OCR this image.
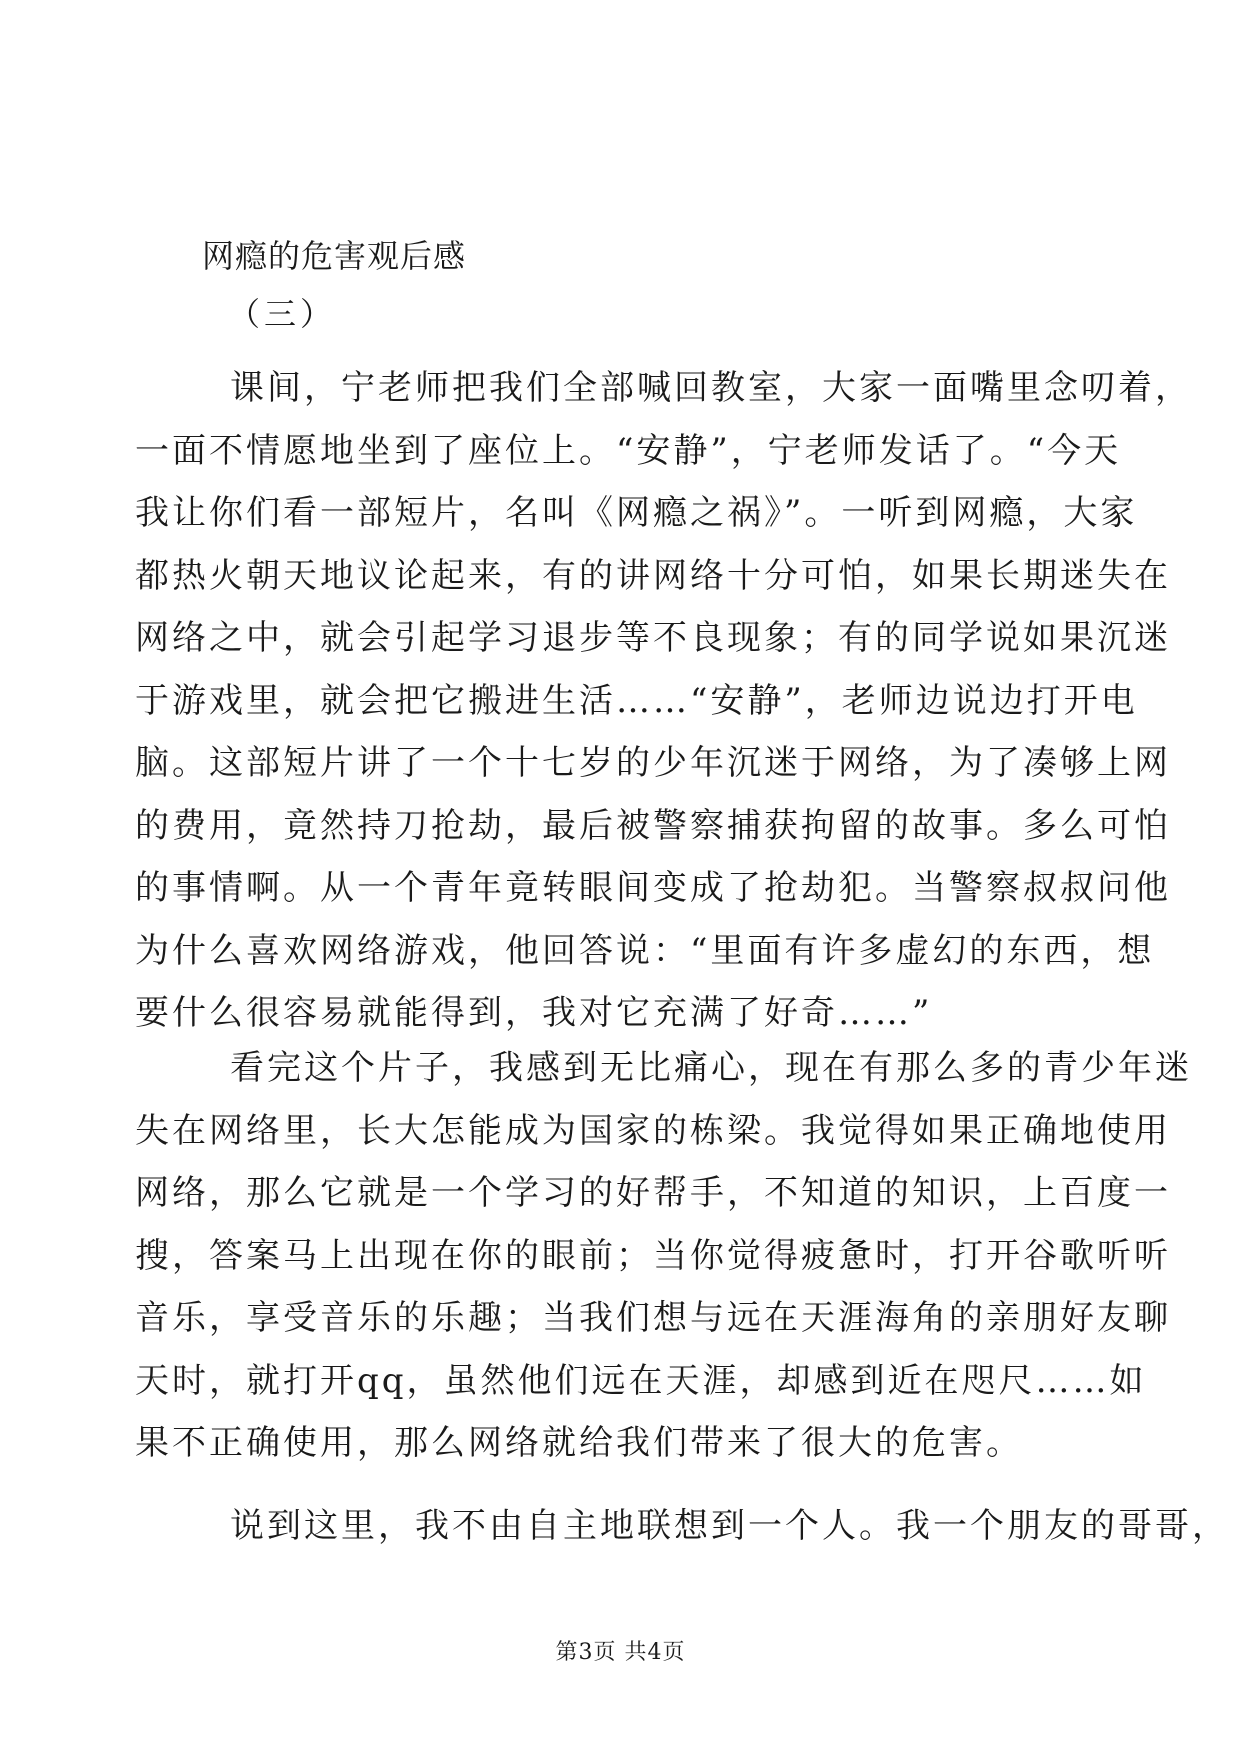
网瘾的危害观后感
（三）
课间，宁老师把我们全部喊回教室，大家一面嘴里念叨着，
一面不情愿地坐到了座位上。“安静”，宁老师发话了。“今天
我让你们看一部短片，名叫《网瘾之祸》”。一听到网瘾，大家
都热火朝天地议论起来，有的讲网络十分可怕，如果长期迷失在
网络之中，就会引起学习退步等不良现象；有的同学说如果沉迷
于游戏里，就会把它搬进生活……“安静”，老师边说边打开电
脑。这部短片讲了一个十七岁的少年沉迷于网络，为了凑够上网
的费用，竟然持刀抢劫，最后被警察捕获拘留的故事。多么可怕
的事情啊。从一个青年竟转眼间变成了抢劫犯。当警察叔叔问他
为什么喜欢网络游戏，他回答说：“里面有许多虚幻的东西，想
要什么很容易就能得到，我对它充满了好奇……”
看完这个片子，我感到无比痛心，现在有那么多的青少年迷
失在网络里，长大怎能成为国家的栋梁。我觉得如果正确地使用
网络，那么它就是一个学习的好帮手，不知道的知识，上百度一
搜，答案马上出现在你的眼前；当你觉得疲惫时，打开谷歌听听
音乐，享受音乐的乐趣；当我们想与远在天涯海角的亲朋好友聊
天时，就打开qq，虽然他们远在天涯，却感到近在咫尺……如
果不正确使用，那么网络就给我们带来了很大的危害。
说到这里，我不由自主地联想到一个人。我一个朋友的哥哥，
第3页 共4页
